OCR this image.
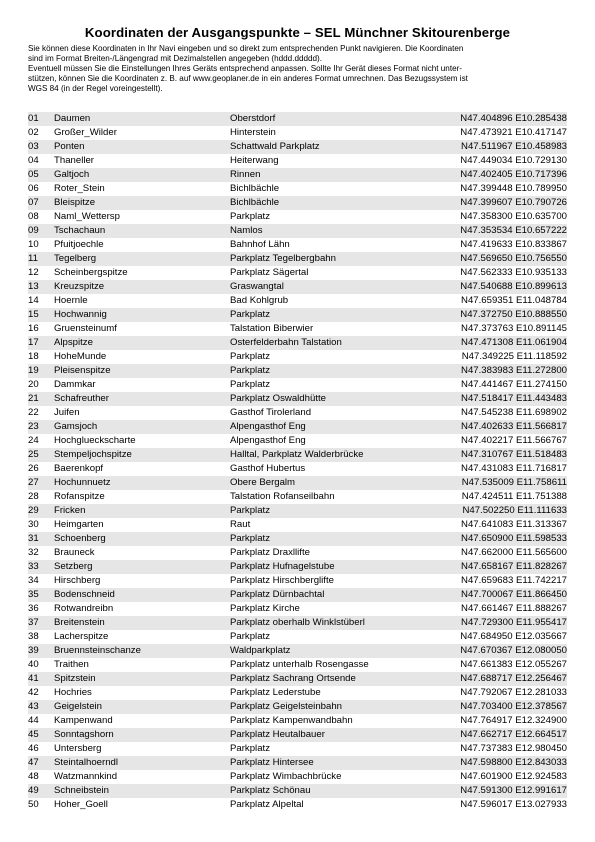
Koordinaten der Ausgangspunkte – SEL Münchner Skitourenberge
Sie können diese Koordinaten in Ihr Navi eingeben und so direkt zum entsprechenden Punkt navigieren. Die Koordinaten
sind im Format Breiten-/Längengrad mit Dezimalstellen angegeben (hddd.ddddd).
Eventuell müssen Sie die Einstellungen Ihres Geräts entsprechend anpassen. Sollte Ihr Gerät dieses Format nicht unter-
stützen, können Sie die Koordinaten z. B. auf www.geoplaner.de in ein anderes Format umrechnen. Das Bezugssystem ist
WGS 84 (in der Regel voreingestellt).
01 Daumen	Oberstdorf	N47.404896 E10.285438
02 Großer_Wilder	Hinterstein	N47.473921 E10.417147
03 Ponten	Schattwald Parkplatz	N47.511967 E10.458983
04 Thaneller	Heiterwang	N47.449034 E10.729130
05 Galtjoch	Rinnen	N47.402405 E10.717396
06 Roter_Stein	Bichlbächle	N47.399448 E10.789950
07 Bleispitze	Bichlbächle	N47.399607 E10.790726
08 Naml_Wettersp	Parkplatz	N47.358300 E10.635700
09 Tschachaun	Namlos	N47.353534 E10.657222
10 Pfuitjoechle	Bahnhof Lähn	N47.419633 E10.833867
11 Tegelberg	Parkplatz Tegelbergbahn	N47.569650 E10.756550
12 Scheinbergspitze	Parkplatz Sägertal	N47.562333 E10.935133
13 Kreuzspitze	Graswangtal	N47.540688 E10.899613
14 Hoernle	Bad Kohlgrub	N47.659351 E11.048784
15 Hochwannig	Parkplatz	N47.372750 E10.888550
16 Gruensteinumf	Talstation Biberwier	N47.373763 E10.891145
17 Alpspitze	Osterfelderbahn Talstation	N47.471308 E11.061904
18 HoheMunde	Parkplatz	N47.349225 E11.118592
19 Pleisenspitze	Parkplatz	N47.383983 E11.272800
20 Dammkar	Parkplatz	N47.441467 E11.274150
21 Schafreuther	Parkplatz Oswaldhütte	N47.518417 E11.443483
22 Juifen	Gasthof Tirolerland	N47.545238 E11.698902
23 Gamsjoch	Alpengasthof Eng	N47.402633 E11.566817
24 Hochglueckscharte	Alpengasthof Eng	N47.402217 E11.566767
25 Stempeljochspitze	Halltal, Parkplatz Walderbrücke	N47.310767 E11.518483
26 Baerenkopf	Gasthof Hubertus	N47.431083 E11.716817
27 Hochunnuetz	Obere Bergalm	N47.535009 E11.758611
28 Rofanspitze	Talstation Rofanseilbahn	N47.424511 E11.751388
29 Fricken	Parkplatz	N47.502250 E11.111633
30 Heimgarten	Raut	N47.641083 E11.313367
31 Schoenberg	Parkplatz	N47.650900 E11.598533
32 Brauneck	Parkplatz Draxllifte	N47.662000 E11.565600
33 Setzberg	Parkplatz Hufnagelstube	N47.658167 E11.828267
34 Hirschberg	Parkplatz Hirschberglifte	N47.659683 E11.742217
35 Bodenschneid	Parkplatz Dürnbachtal	N47.700067 E11.866450
36 Rotwandreibn	Parkplatz Kirche	N47.661467 E11.888267
37 Breitenstein	Parkplatz oberhalb Winklstüberl	N47.729300 E11.955417
38 Lacherspitze	Parkplatz	N47.684950 E12.035667
39 Bruennsteinschanze	Waldparkplatz	N47.670367 E12.080050
40 Traithen	Parkplatz unterhalb Rosengasse	N47.661383 E12.055267
41 Spitzstein	Parkplatz Sachrang Ortsende	N47.688717 E12.256467
42 Hochries	Parkplatz Lederstube	N47.792067 E12.281033
43 Geigelstein	Parkplatz Geigelsteinbahn	N47.703400 E12.378567
44 Kampenwand	Parkplatz Kampenwandbahn	N47.764917 E12.324900
45 Sonntagshorn	Parkplatz Heutalbauer	N47.662717 E12.664517
46 Untersberg	Parkplatz	N47.737383 E12.980450
47 Steintalhoerndl	Parkplatz Hintersee	N47.598800 E12.843033
48 Watzmannkind	Parkplatz Wimbachbrücke	N47.601900 E12.924583
49 Schneibstein	Parkplatz Schönau	N47.591300 E12.991617
50 Hoher_Goell	Parkplatz Alpeltal	N47.596017 E13.027933
